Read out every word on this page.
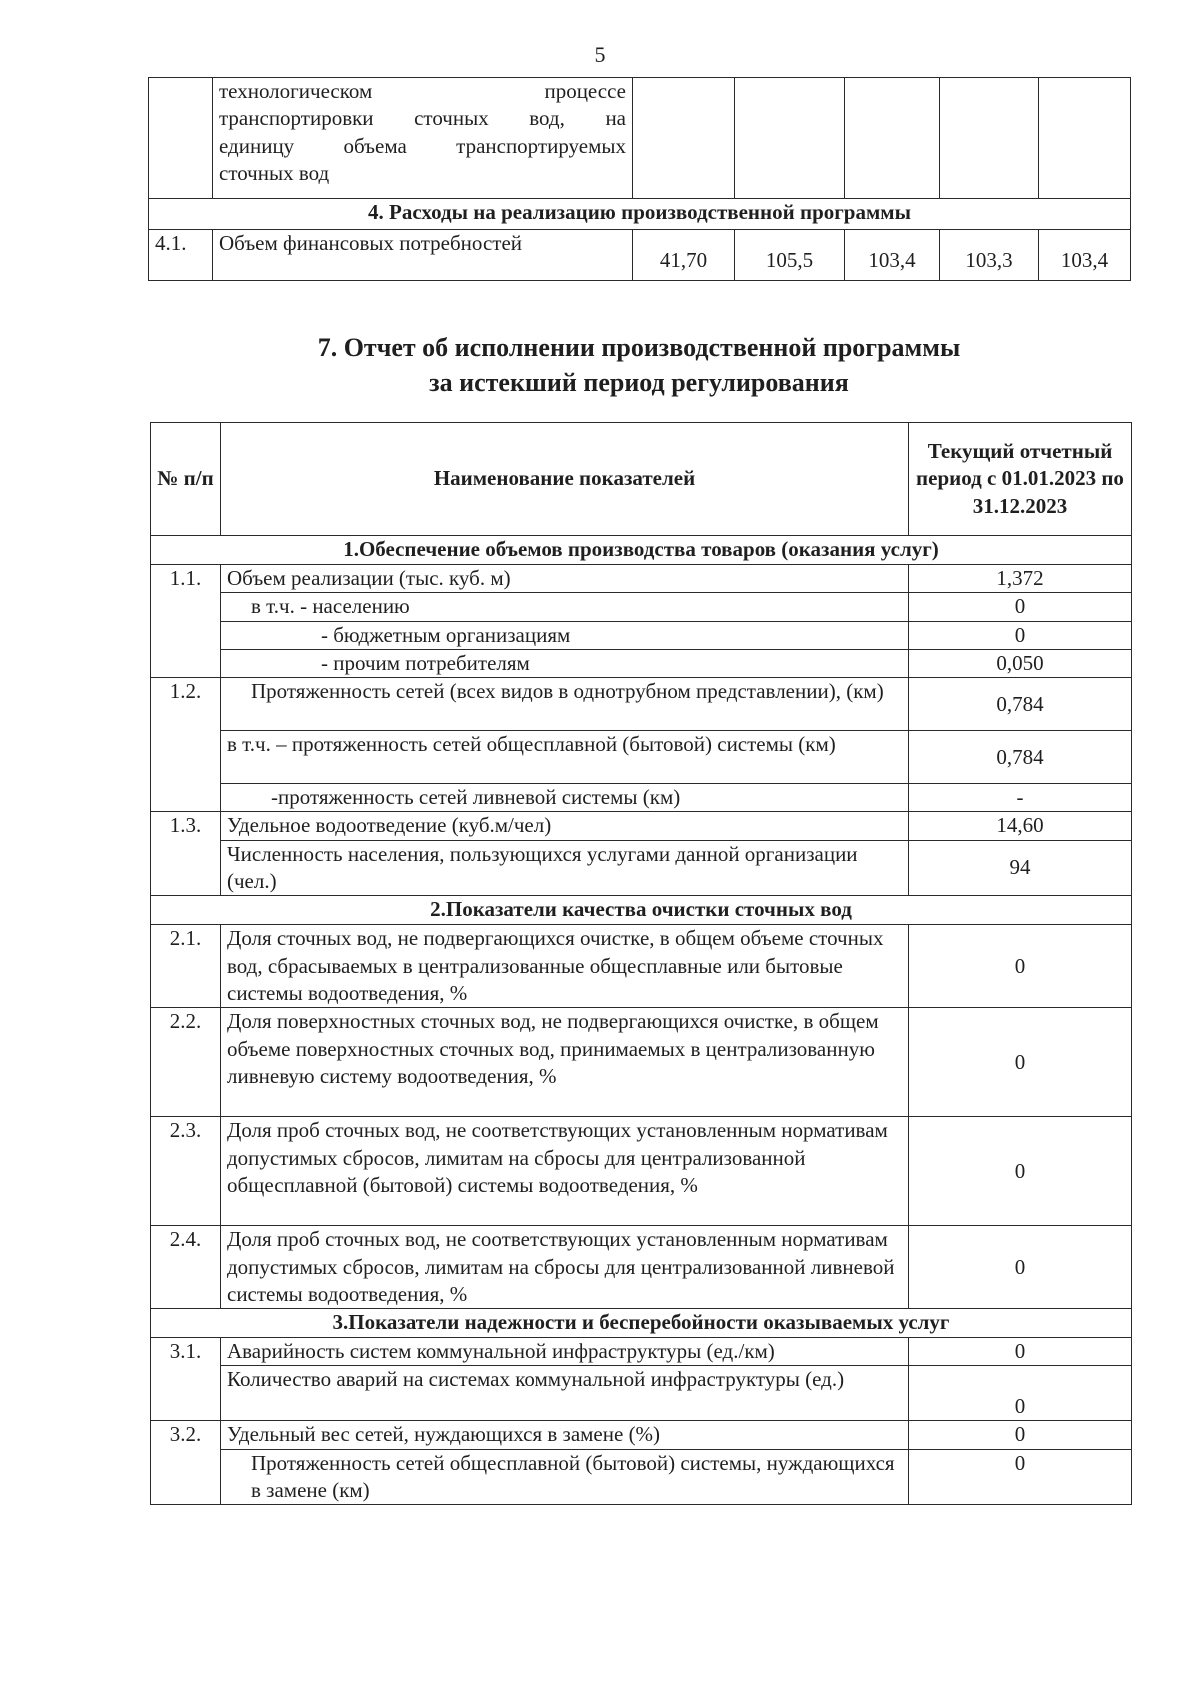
5

	технологическом процессе
транспортировки сточных вод, на
единицу объема транспортируемых
сточных вод					

4. Расходы на реализацию производственной программы						
4.1.	Объем финансовых потребностей	41,70	105,5	103,4	103,3	103,4
7. Отчет об исполнении производственной программы
за истекший период регулирования
№ п/п	Наименование показателей	Текущий отчетный период с 01.01.2023 по 31.12.2023
1.Обеспечение объемов производства товаров (оказания услуг)		
1.1.	Объем реализации (тыс. куб. м)	1,372
	в т.ч. - населению	0
	- бюджетным организациям	0
	- прочим потребителям	0,050
1.2.	Протяженность сетей (всех видов в однотрубном представлении), (км)	0,784
	в т.ч. – протяженность сетей общесплавной (бытовой) системы (км)	0,784
	-протяженность сетей ливневой системы (км)	-
1.3.	Удельное водоотведение (куб.м/чел)	14,60
	Численность населения, пользующихся услугами данной организации (чел.)	94
2.Показатели качества очистки сточных вод		
2.1.	Доля сточных вод, не подвергающихся очистке, в общем объеме сточных вод, сбрасываемых в централизованные общесплавные или бытовые системы водоотведения, %	0
2.2.	Доля поверхностных сточных вод, не подвергающихся очистке, в общем объеме поверхностных сточных вод, принимаемых в централизованную ливневую систему водоотведения, %	0
2.3.	Доля проб сточных вод, не соответствующих установленным нормативам допустимых сбросов, лимитам на сбросы для централизованной общесплавной (бытовой) системы водоотведения, %	0
2.4.	Доля проб сточных вод, не соответствующих установленным нормативам допустимых сбросов, лимитам на сбросы для централизованной ливневой системы водоотведения, %	0
3.Показатели надежности и бесперебойности оказываемых услуг		
3.1.	Аварийность систем коммунальной инфраструктуры (ед./км)	0
	Количество аварий на системах коммунальной инфраструктуры (ед.)	0
3.2.	Удельный вес сетей, нуждающихся в замене (%)	0
	Протяженность сетей общесплавной (бытовой) системы, нуждающихся в замене (км)	0
